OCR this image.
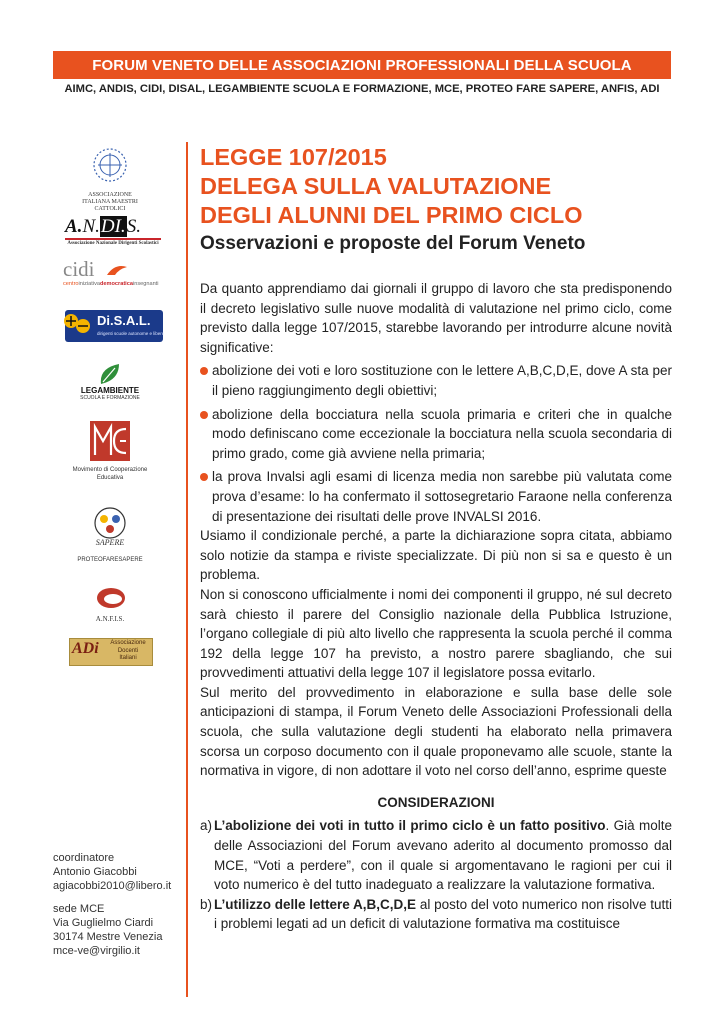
FORUM VENETO DELLE ASSOCIAZIONI PROFESSIONALI DELLA SCUOLA
AIMC, ANDIS, CIDI, DISAL, LEGAMBIENTE SCUOLA E FORMAZIONE, MCE, PROTEO FARE SAPERE, ANFIS, ADI
ASSOCIAZIONE ITALIANA MAESTRI CATTOLICI
A.N.DI.S.
Associazione Nazionale Dirigenti Scolastici
cidi
centroiniziativademocraticainsegnanti
Di.S.A.L.
dirigenti scuole autonome e libere
LEGAMBIENTE
SCUOLA E FORMAZIONE
Movimento di Cooperazione
Educativa
SAPERE
PROTEOFARESAPERE
A.N.F.I.S.
ADi	Associazione
Docenti
Italiani
LEGGE 107/2015
DELEGA SULLA VALUTAZIONE
DEGLI ALUNNI DEL PRIMO CICLO
Osservazioni e proposte del Forum Veneto

Da quanto apprendiamo dai giornali il gruppo di lavoro che sta predisponendo il decreto legislativo sulle nuove modalità di valutazione nel primo ciclo, come previsto dalla legge 107/2015, starebbe lavorando per introdurre alcune novità significative:

abolizione dei voti e loro sostituzione con le lettere A,B,C,D,E, dove A sta per il pieno raggiungimento degli obiettivi;
abolizione della bocciatura nella scuola primaria e criteri che in qualche modo definiscano come eccezionale la bocciatura nella scuola secondaria di primo grado, come già avviene nella primaria;
la prova Invalsi agli esami di licenza media non sarebbe più valutata come prova d’esame: lo ha confermato il sottosegretario Faraone nella conferenza di presentazione dei risultati delle prove INVALSI 2016.

Usiamo il condizionale perché, a parte la dichiarazione sopra citata, abbiamo solo notizie da stampa e riviste specializzate. Di più non si sa e questo è un problema.

Non si conoscono ufficialmente i nomi dei componenti il gruppo, né sul decreto sarà chiesto il parere del Consiglio nazionale della Pubblica Istruzione, l’organo collegiale di più alto livello che rappresenta la scuola perché il comma 192 della legge 107 ha previsto, a nostro parere sbagliando, che sui provvedimenti attuativi della legge 107 il legislatore possa evitarlo.

Sul merito del provvedimento in elaborazione e sulla base delle sole anticipazioni di stampa, il Forum Veneto delle Associazioni Professionali della scuola, che sulla valutazione degli studenti ha elaborato nella primavera scorsa un corposo documento con il quale proponevamo alle scuole, stante la normativa in vigore, di non adottare il voto nel corso dell’anno, esprime queste

CONSIDERAZIONI
a) L’abolizione dei voti in tutto il primo ciclo è un fatto positivo. Già molte delle Associazioni del Forum avevano aderito al documento promosso dal MCE, “Voti a perdere”, con il quale si argomentavano le ragioni per cui il voto numerico è del tutto inadeguato a realizzare la valutazione formativa.
b) L’utilizzo delle lettere A,B,C,D,E al posto del voto numerico non risolve tutti i problemi legati ad un deficit di valutazione formativa ma costituisce
coordinatore
Antonio Giacobbi
agiacobbi2010@libero.it
sede MCE
Via Guglielmo Ciardi
30174 Mestre Venezia
mce-ve@virgilio.it
